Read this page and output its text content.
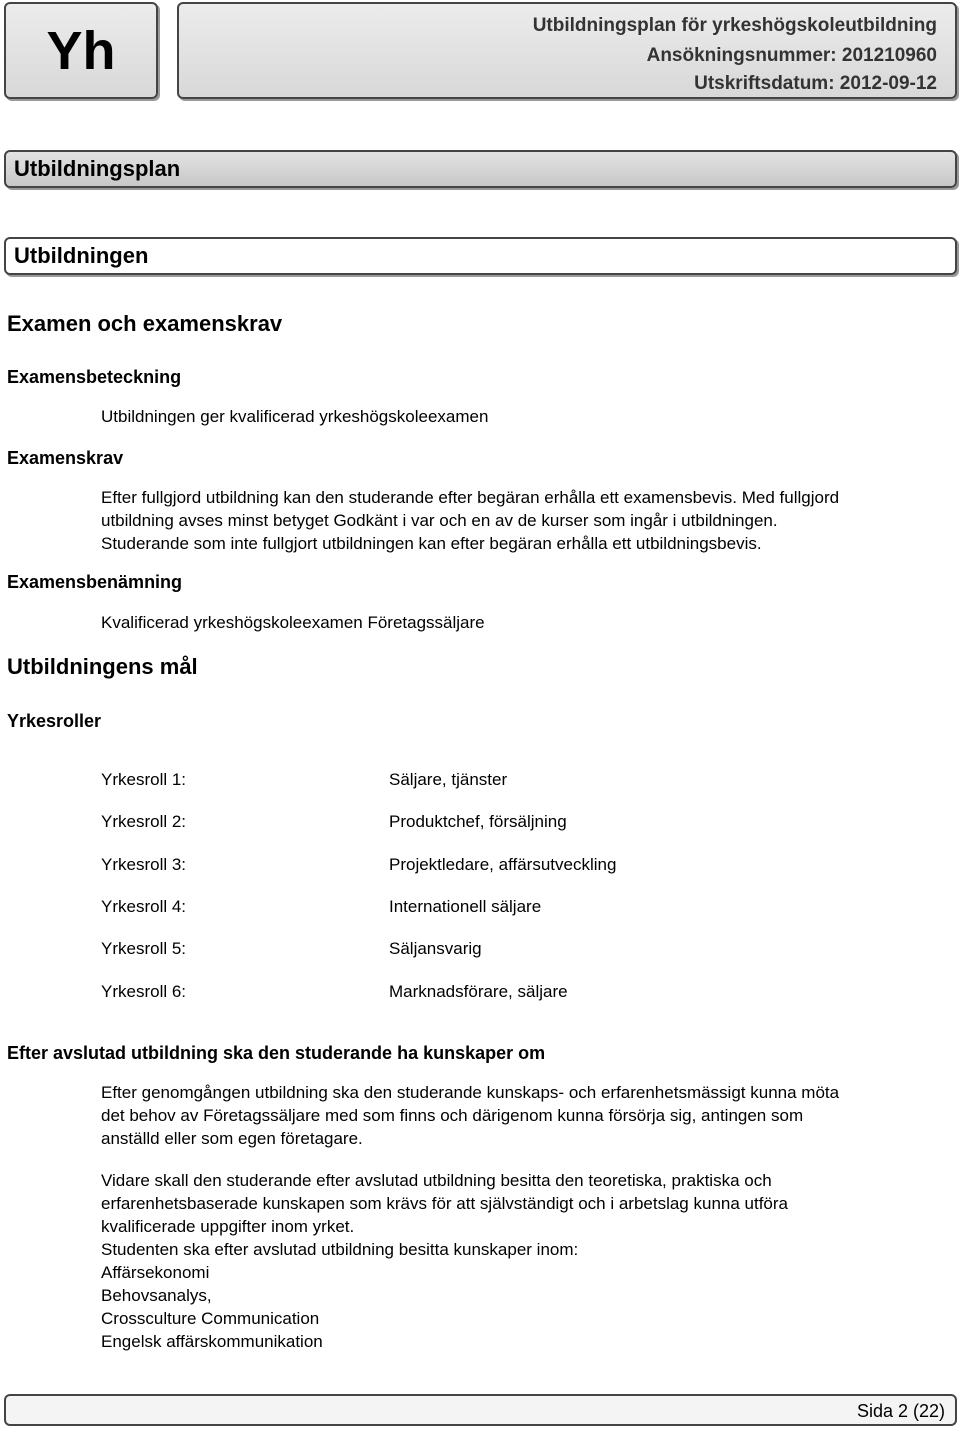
Yh	Utbildningsplan för yrkeshögskoleutbildning
Ansökningsnummer: 201210960
Utskriftsdatum: 2012-09-12
Utbildningsplan
Utbildningen
Examen och examenskrav
Examensbeteckning
Utbildningen ger kvalificerad yrkeshögskoleexamen
Examenskrav
Efter fullgjord utbildning kan den studerande efter begäran erhålla ett examensbevis. Med fullgjord
utbildning avses minst betyget Godkänt i var och en av de kurser som ingår i utbildningen.
Studerande som inte fullgjort utbildningen kan efter begäran erhålla ett utbildningsbevis.
Examensbenämning
Kvalificerad yrkeshögskoleexamen Företagssäljare
Utbildningens mål
Yrkesroller
Yrkesroll 1:	Säljare, tjänster
Yrkesroll 2:	Produktchef, försäljning
Yrkesroll 3:	Projektledare, affärsutveckling
Yrkesroll 4:	Internationell säljare
Yrkesroll 5:	Säljansvarig
Yrkesroll 6:	Marknadsförare, säljare
Efter avslutad utbildning ska den studerande ha kunskaper om
Efter genomgången utbildning ska den studerande kunskaps- och erfarenhetsmässigt kunna möta
det behov av Företagssäljare med som finns och därigenom kunna försörja sig, antingen som
anställd eller som egen företagare.
Vidare skall den studerande efter avslutad utbildning besitta den teoretiska, praktiska och
erfarenhetsbaserade kunskapen som krävs för att självständigt och i arbetslag kunna utföra
kvalificerade uppgifter inom yrket.
Studenten ska efter avslutad utbildning besitta kunskaper inom:
Affärsekonomi
Behovsanalys,
Crossculture Communication
Engelsk affärskommunikation
Sida 2 (22)
